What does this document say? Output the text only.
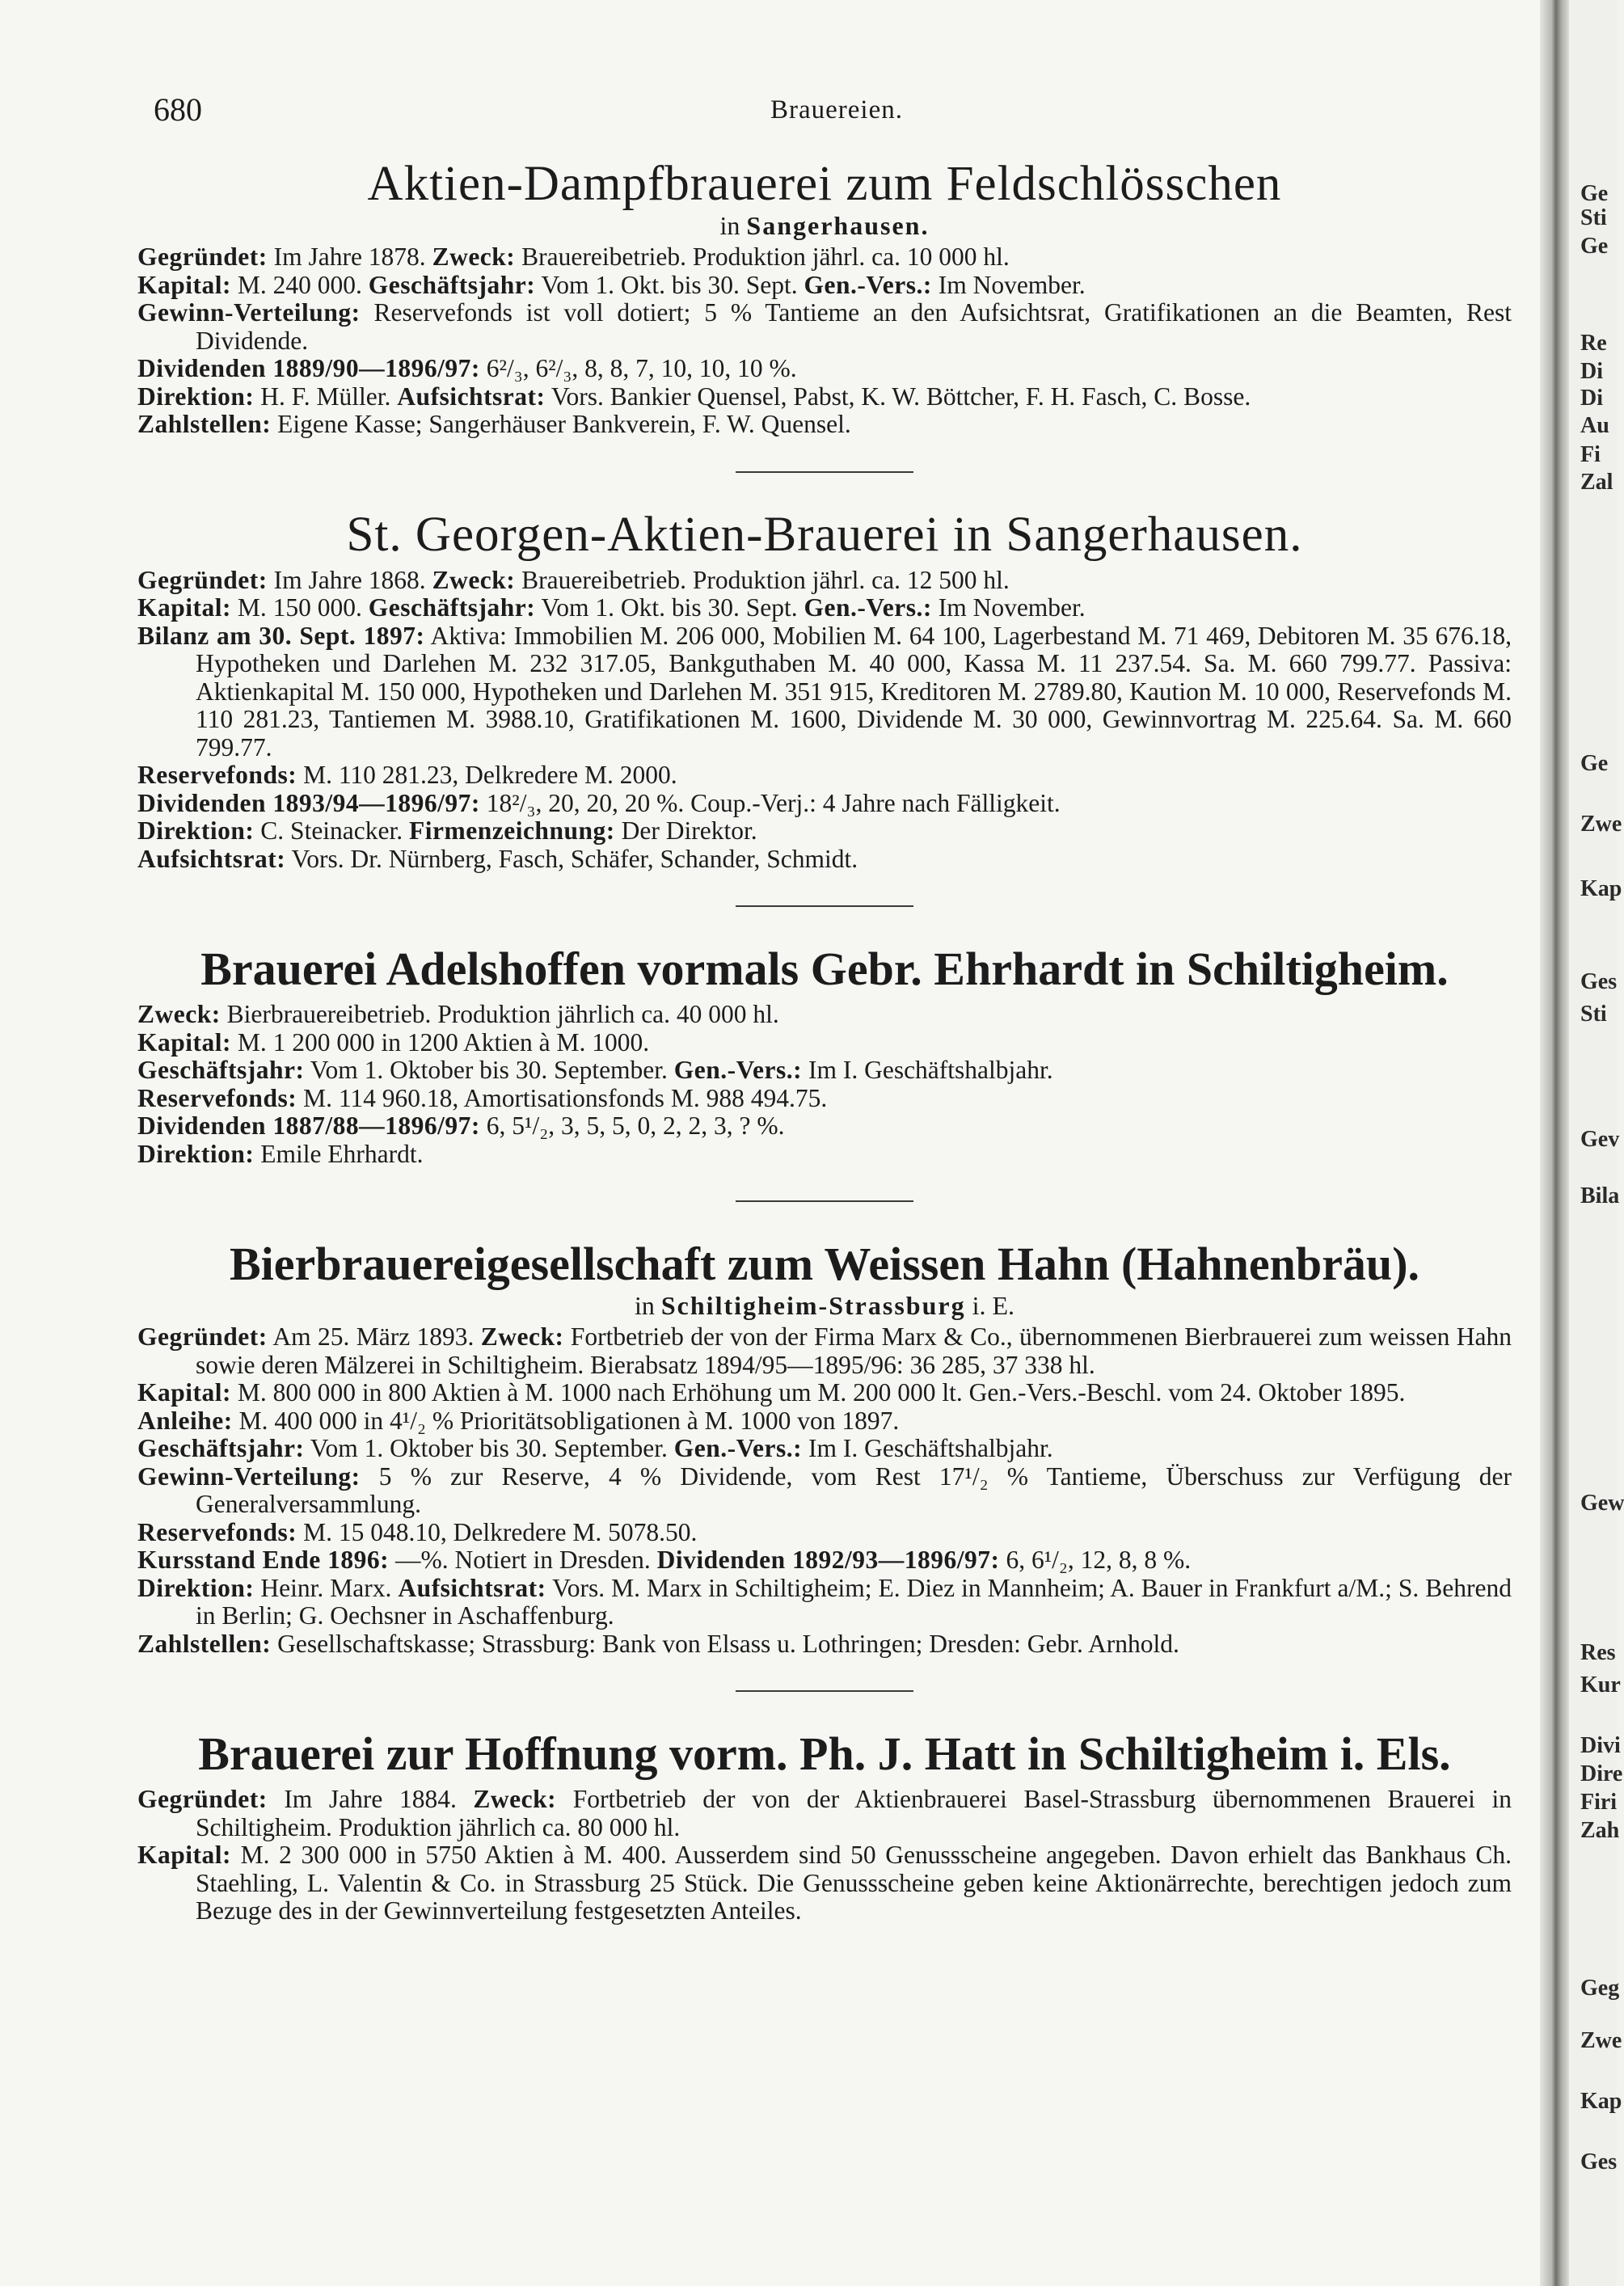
680	Brauereien.
Aktien-Dampfbrauerei zum Feldschlösschen
in Sangerhausen.
Gegründet: Im Jahre 1878. Zweck: Brauereibetrieb. Produktion jährl. ca. 10 000 hl.
Kapital: M. 240 000. Geschäftsjahr: Vom 1. Okt. bis 30. Sept. Gen.-Vers.: Im November.
Gewinn-Verteilung: Reservefonds ist voll dotiert; 5 % Tantieme an den Aufsichtsrat, Gratifikationen an die Beamten, Rest Dividende.
Dividenden 1889/90—1896/97: 6²/₃, 6²/₃, 8, 8, 7, 10, 10, 10 %.
Direktion: H. F. Müller. Aufsichtsrat: Vors. Bankier Quensel, Pabst, K. W. Böttcher, F. H. Fasch, C. Bosse.
Zahlstellen: Eigene Kasse; Sangerhäuser Bankverein, F. W. Quensel.
St. Georgen-Aktien-Brauerei in Sangerhausen.
Gegründet: Im Jahre 1868. Zweck: Brauereibetrieb. Produktion jährl. ca. 12 500 hl.
Kapital: M. 150 000. Geschäftsjahr: Vom 1. Okt. bis 30. Sept. Gen.-Vers.: Im November.
Bilanz am 30. Sept. 1897: Aktiva: Immobilien M. 206 000, Mobilien M. 64 100, Lagerbestand M. 71 469, Debitoren M. 35 676.18, Hypotheken und Darlehen M. 232 317.05, Bankguthaben M. 40 000, Kassa M. 11 237.54. Sa. M. 660 799.77. Passiva: Aktienkapital M. 150 000, Hypotheken und Darlehen M. 351 915, Kreditoren M. 2789.80, Kaution M. 10 000, Reservefonds M. 110 281.23, Tantiemen M. 3988.10, Gratifikationen M. 1600, Dividende M. 30 000, Gewinnvortrag M. 225.64. Sa. M. 660 799.77.
Reservefonds: M. 110 281.23, Delkredere M. 2000.
Dividenden 1893/94—1896/97: 18²/₃, 20, 20, 20 %. Coup.-Verj.: 4 Jahre nach Fälligkeit.
Direktion: C. Steinacker. Firmenzeichnung: Der Direktor.
Aufsichtsrat: Vors. Dr. Nürnberg, Fasch, Schäfer, Schander, Schmidt.
Brauerei Adelshoffen vormals Gebr. Ehrhardt in Schiltigheim.
Zweck: Bierbrauereibetrieb. Produktion jährlich ca. 40 000 hl.
Kapital: M. 1 200 000 in 1200 Aktien à M. 1000.
Geschäftsjahr: Vom 1. Oktober bis 30. September. Gen.-Vers.: Im I. Geschäftshalbjahr.
Reservefonds: M. 114 960.18, Amortisationsfonds M. 988 494.75.
Dividenden 1887/88—1896/97: 6, 5¹/₂, 3, 5, 5, 0, 2, 2, 3, ? %.
Direktion: Emile Ehrhardt.
Bierbrauereigesellschaft zum Weissen Hahn (Hahnenbräu).
in Schiltigheim-Strassburg i. E.
Gegründet: Am 25. März 1893. Zweck: Fortbetrieb der von der Firma Marx & Co., übernommenen Bierbrauerei zum weissen Hahn sowie deren Mälzerei in Schiltigheim. Bierabsatz 1894/95—1895/96: 36 285, 37 338 hl.
Kapital: M. 800 000 in 800 Aktien à M. 1000 nach Erhöhung um M. 200 000 lt. Gen.-Vers.-Beschl. vom 24. Oktober 1895.
Anleihe: M. 400 000 in 4¹/₂ % Prioritätsobligationen à M. 1000 von 1897.
Geschäftsjahr: Vom 1. Oktober bis 30. September. Gen.-Vers.: Im I. Geschäftshalbjahr.
Gewinn-Verteilung: 5 % zur Reserve, 4 % Dividende, vom Rest 17¹/₂ % Tantieme, Überschuss zur Verfügung der Generalversammlung.
Reservefonds: M. 15 048.10, Delkredere M. 5078.50.
Kursstand Ende 1896: —%. Notiert in Dresden. Dividenden 1892/93—1896/97: 6, 6¹/₂, 12, 8, 8 %.
Direktion: Heinr. Marx. Aufsichtsrat: Vors. M. Marx in Schiltigheim; E. Diez in Mannheim; A. Bauer in Frankfurt a/M.; S. Behrend in Berlin; G. Oechsner in Aschaffenburg.
Zahlstellen: Gesellschaftskasse; Strassburg: Bank von Elsass u. Lothringen; Dresden: Gebr. Arnhold.
Brauerei zur Hoffnung vorm. Ph. J. Hatt in Schiltigheim i. Els.
Gegründet: Im Jahre 1884. Zweck: Fortbetrieb der von der Aktienbrauerei Basel-Strassburg übernommenen Brauerei in Schiltigheim. Produktion jährlich ca. 80 000 hl.
Kapital: M. 2 300 000 in 5750 Aktien à M. 400. Ausserdem sind 50 Genussscheine angegeben. Davon erhielt das Bankhaus Ch. Staehling, L. Valentin & Co. in Strassburg 25 Stück. Die Genussscheine geben keine Aktionärrechte, berechtigen jedoch zum Bezuge des in der Gewinnverteilung festgesetzten Anteiles.
Ge
Sti
Ge
Re
Di
Di
Au
Fi
Zal
Ge
Zwe
Kap
Ges
Sti
Gev
Bila
Gew
Res
Kur
Divi
Dire
Firi
Zah
Geg
Zwe
Kap
Ges
